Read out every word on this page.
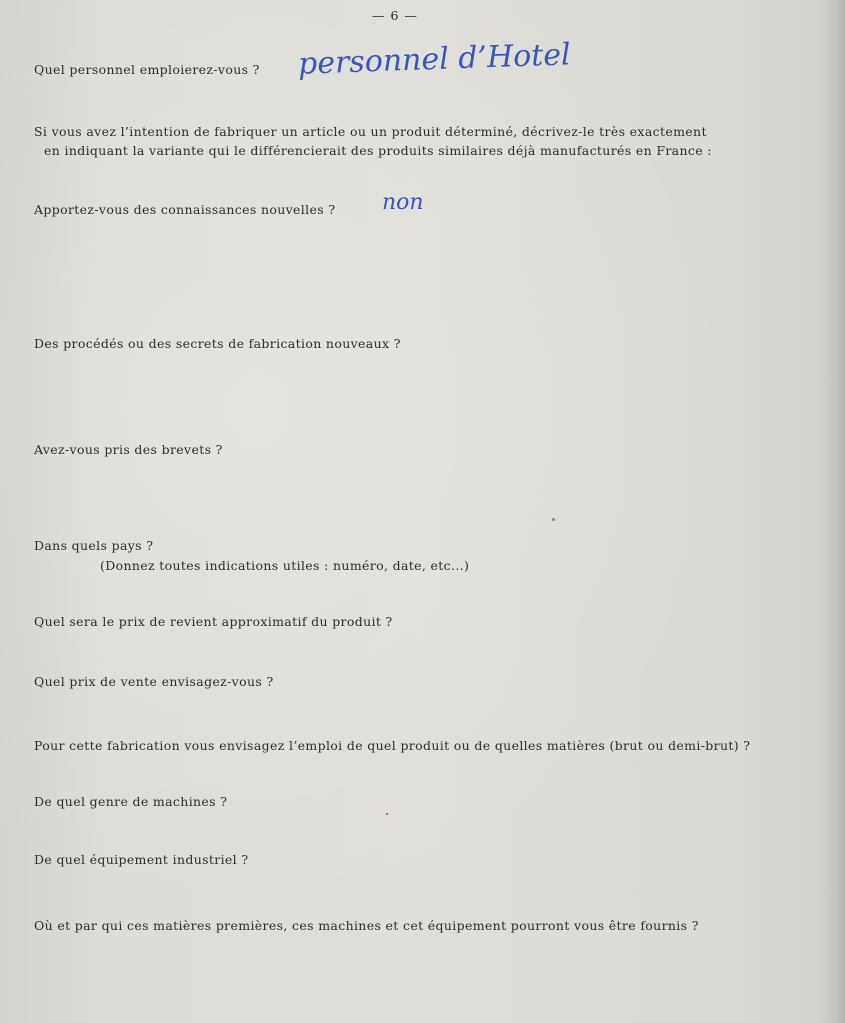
— 6 —
Quel personnel emploierez-vous ? personnel d’Hotel
Si vous avez l’intention de fabriquer un article ou un produit déterminé, décrivez-le très exactement
en indiquant la variante qui le différencierait des produits similaires déjà manufacturés en France :
Apportez-vous des connaissances nouvelles ? non
Des procédés ou des secrets de fabrication nouveaux ?
Avez-vous pris des brevets ?
Dans quels pays ?
(Donnez toutes indications utiles : numéro, date, etc...)
Quel sera le prix de revient approximatif du produit ?
Quel prix de vente envisagez-vous ?
Pour cette fabrication vous envisagez l’emploi de quel produit ou de quelles matières (brut ou demi-brut) ?
De quel genre de machines ?
De quel équipement industriel ?
Où et par qui ces matières premières, ces machines et cet équipement pourront vous être fournis ?
